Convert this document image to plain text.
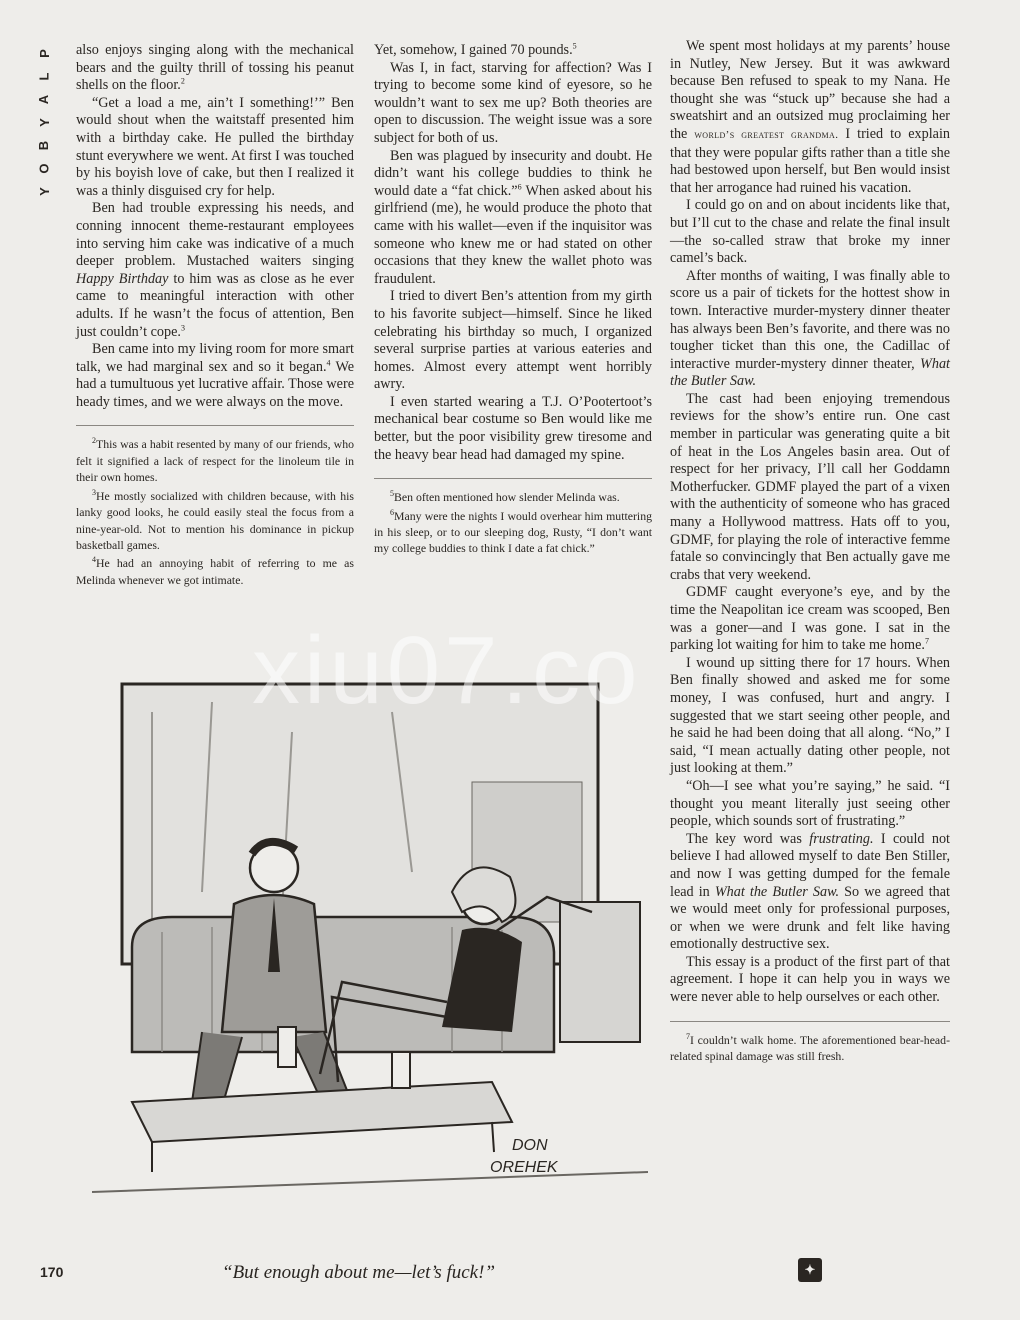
P
L
A
Y
B
O
Y

also enjoys singing along with the mechanical bears and the guilty thrill of tossing his peanut shells on the floor.$^2$

“Get a load a me, ain’t I something!’” Ben would shout when the waitstaff presented him with a birthday cake. He pulled the birthday stunt everywhere we went. At first I was touched by his boyish love of cake, but then I realized it was a thinly disguised cry for help.

Ben had trouble expressing his needs, and conning innocent theme-restaurant employees into serving him cake was indicative of a much deeper problem. Mustached waiters singing Happy Birthday to him was as close as he ever came to meaningful interaction with other adults. If he wasn’t the focus of attention, Ben just couldn’t cope.$^3$

Ben came into my living room for more smart talk, we had marginal sex and so it began.$^4$ We had a tumultuous yet lucrative affair. Those were heady times, and we were always on the move.

$^2$This was a habit resented by many of our friends, who felt it signified a lack of respect for the linoleum tile in their own homes.

$^3$He mostly socialized with children because, with his lanky good looks, he could easily steal the focus from a nine-year-old. Not to mention his dominance in pickup basketball games.

$^4$He had an annoying habit of referring to me as Melinda whenever we got intimate.

Yet, somehow, I gained 70 pounds.$^5$

Was I, in fact, starving for affection? Was I trying to become some kind of eyesore, so he wouldn’t want to sex me up? Both theories are open to discussion. The weight issue was a sore subject for both of us.

Ben was plagued by insecurity and doubt. He didn’t want his college buddies to think he would date a “fat chick.”$^6$ When asked about his girlfriend (me), he would produce the photo that came with his wallet—even if the inquisitor was someone who knew me or had stated on other occasions that they knew the wallet photo was fraudulent.

I tried to divert Ben’s attention from my girth to his favorite subject—himself. Since he liked celebrating his birthday so much, I organized several surprise parties at various eateries and homes. Almost every attempt went horribly awry.

I even started wearing a T.J. O’Pootertoot’s mechanical bear costume so Ben would like me better, but the poor visibility grew tiresome and the heavy bear head had damaged my spine.

$^5$Ben often mentioned how slender Melinda was.

$^6$Many were the nights I would overhear him muttering in his sleep, or to our sleeping dog, Rusty, “I don’t want my college buddies to think I date a fat chick.”

We spent most holidays at my parents’ house in Nutley, New Jersey. But it was awkward because Ben refused to speak to my Nana. He thought she was “stuck up” because she had a sweatshirt and an outsized mug proclaiming her the world’s greatest grandma. I tried to explain that they were popular gifts rather than a title she had bestowed upon herself, but Ben would insist that her arrogance had ruined his vacation.

I could go on and on about incidents like that, but I’ll cut to the chase and relate the final insult—the so-called straw that broke my inner camel’s back.

After months of waiting, I was finally able to score us a pair of tickets for the hottest show in town. Interactive murder-mystery dinner theater has always been Ben’s favorite, and there was no tougher ticket than this one, the Cadillac of interactive murder-mystery dinner theater, What the Butler Saw.

The cast had been enjoying tremendous reviews for the show’s entire run. One cast member in particular was generating quite a bit of heat in the Los Angeles basin area. Out of respect for her privacy, I’ll call her Goddamn Motherfucker. GDMF played the part of a vixen with the authenticity of someone who has graced many a Hollywood mattress. Hats off to you, GDMF, for playing the role of interactive femme fatale so convincingly that Ben actually gave me crabs that very weekend.

GDMF caught everyone’s eye, and by the time the Neapolitan ice cream was scooped, Ben was a goner—and I was gone. I sat in the parking lot waiting for him to take me home.$^7$

I wound up sitting there for 17 hours. When Ben finally showed and asked me for some money, I was confused, hurt and angry. I suggested that we start seeing other people, and he said he had been doing that all along. “No,” I said, “I mean actually dating other people, not just looking at them.”

“Oh—I see what you’re saying,” he said. “I thought you meant literally just seeing other people, which sounds sort of frustrating.”

The key word was frustrating. I could not believe I had allowed myself to date Ben Stiller, and now I was getting dumped for the female lead in What the Butler Saw. So we agreed that we would meet only for professional purposes, or when we were drunk and felt like having emotionally destructive sex.

This essay is a product of the first part of that agreement. I hope it can help you in ways we were never able to help ourselves or each other.

$^7$I couldn’t walk home. The aforementioned bear-head-related spinal damage was still fresh.

DON
OREHEK
xiu07.co
“But enough about me—let’s fuck!”
170	✦
